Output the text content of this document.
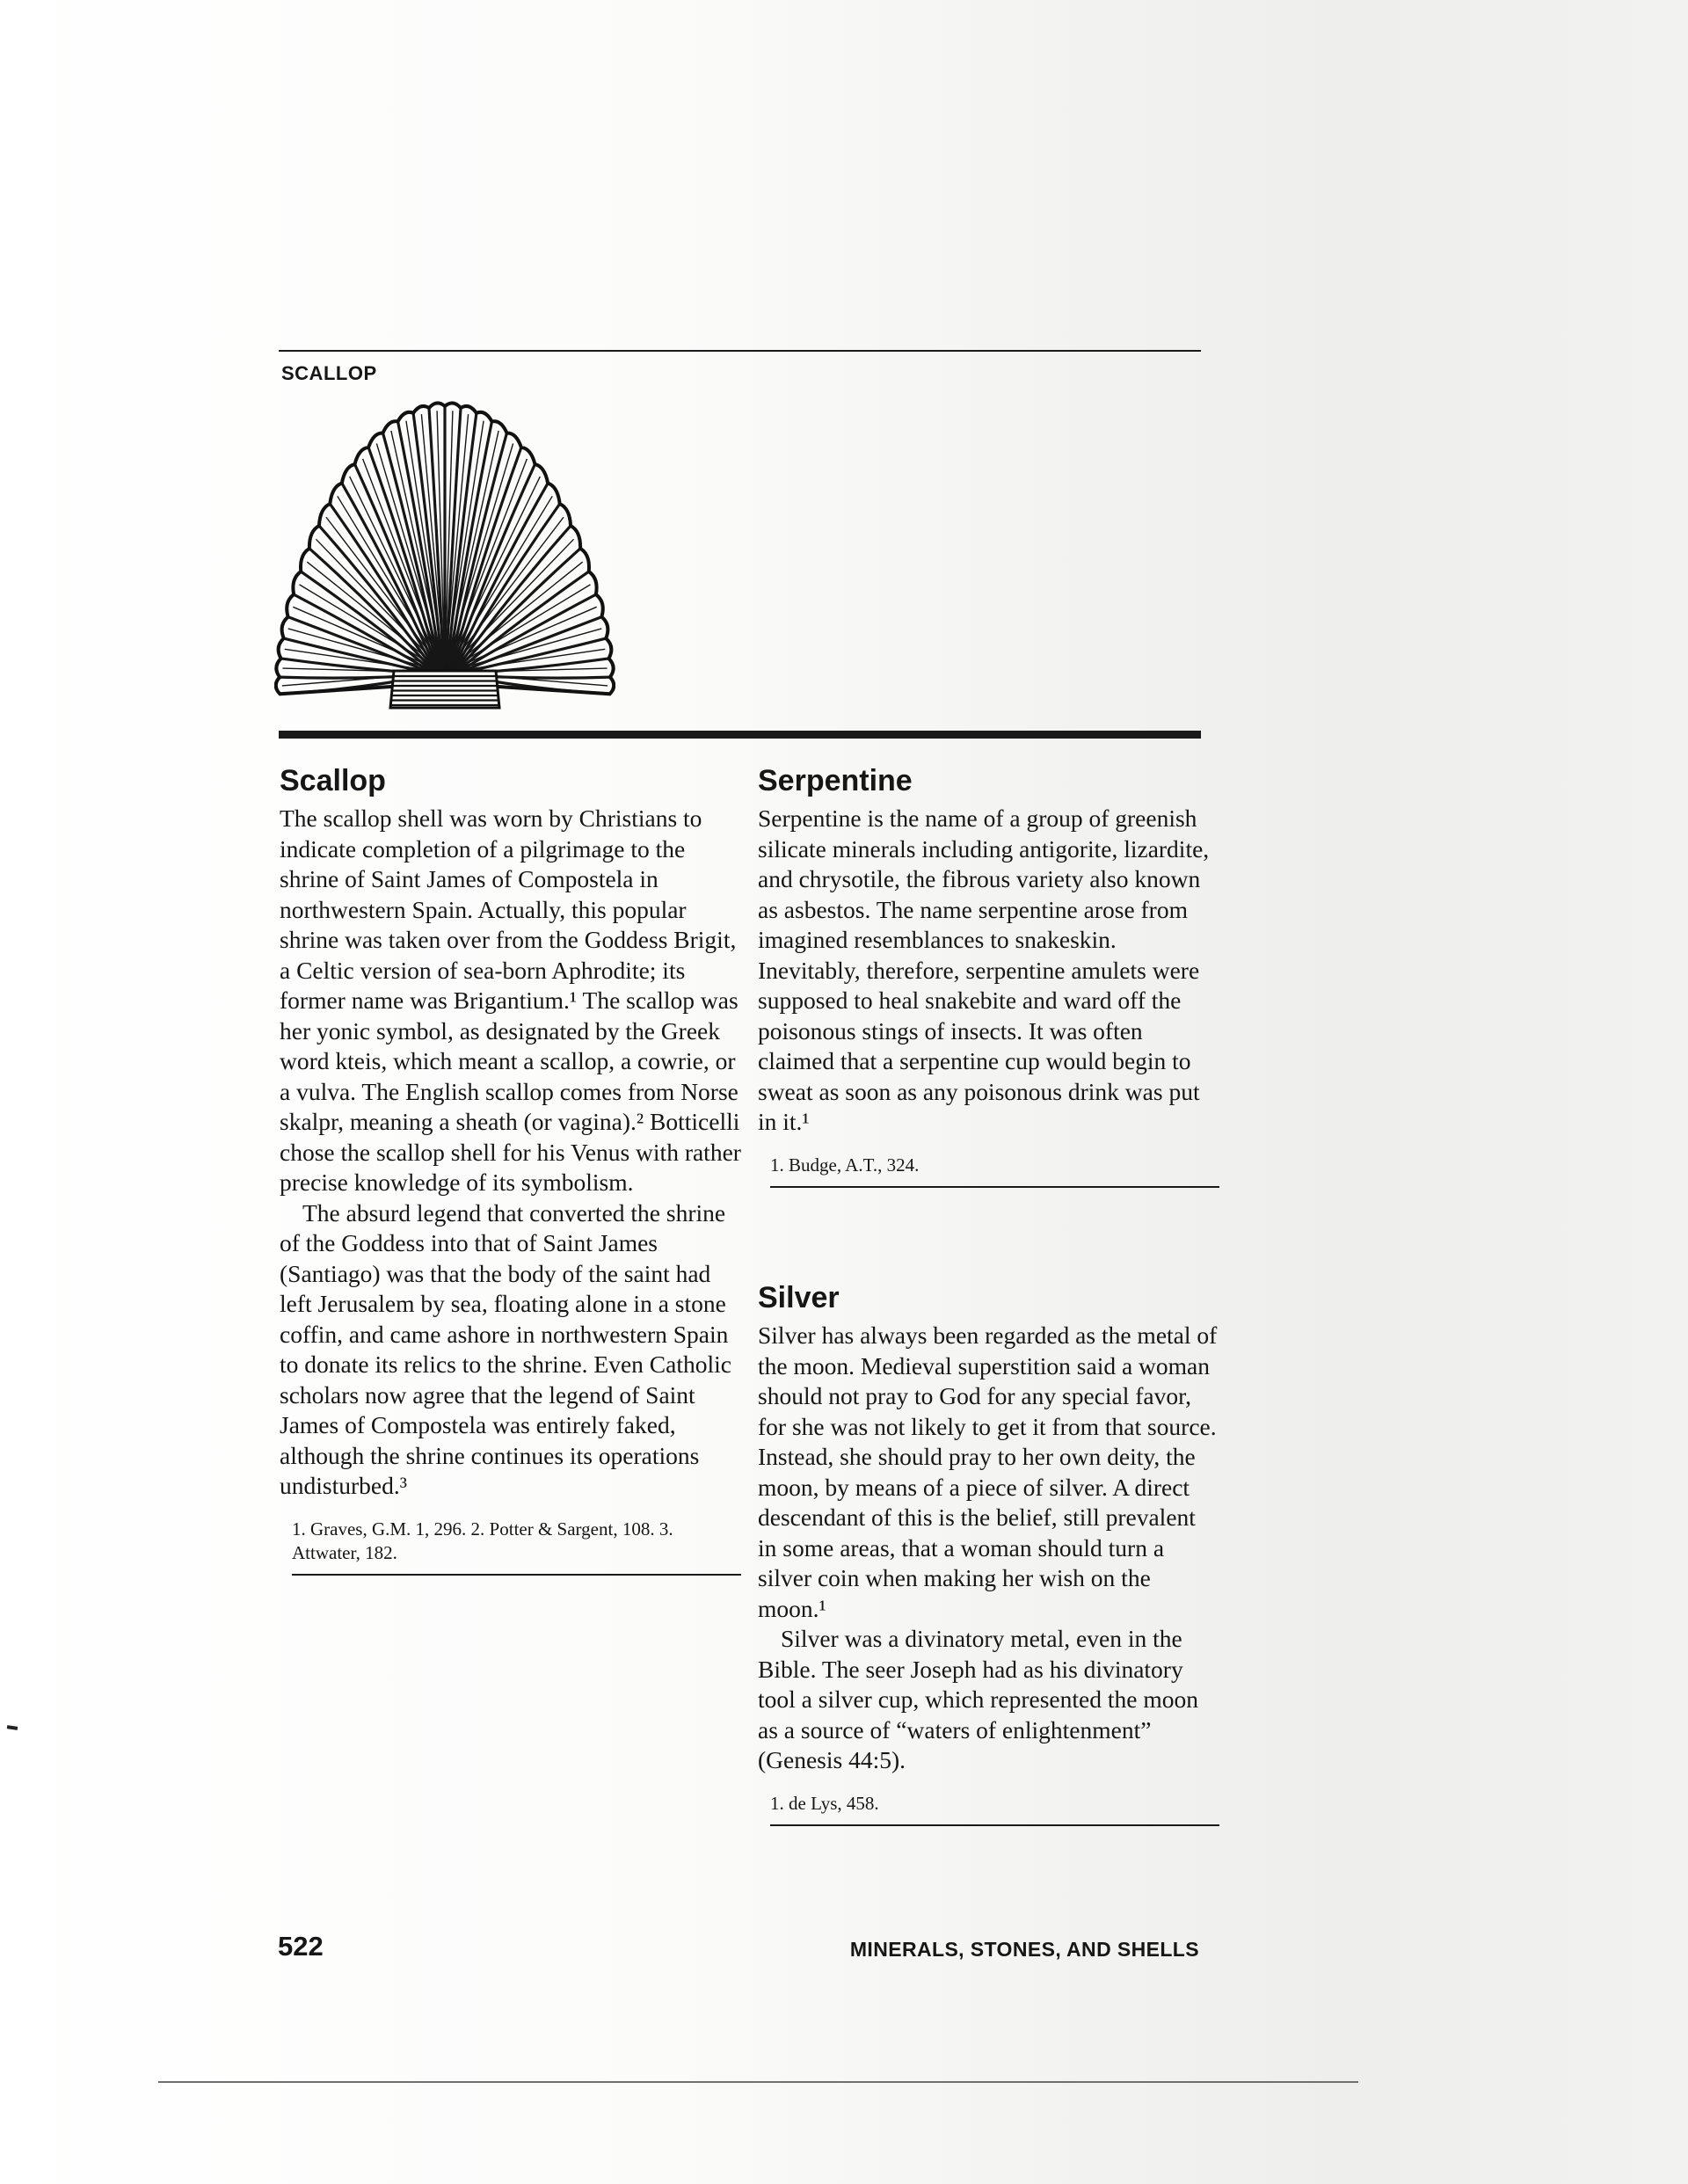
SCALLOP
Scallop

The scallop shell was worn by Christians to indicate completion of a pilgrimage to the shrine of Saint James of Compostela in northwestern Spain. Actually, this popular shrine was taken over from the Goddess Brigit, a Celtic version of sea-born Aphrodite; its former name was Brigantium.¹ The scallop was her yonic symbol, as designated by the Greek word kteis, which meant a scallop, a cowrie, or a vulva. The English scallop comes from Norse skalpr, meaning a sheath (or vagina).² Botticelli chose the scallop shell for his Venus with rather precise knowledge of its symbolism.

The absurd legend that converted the shrine of the Goddess into that of Saint James (Santiago) was that the body of the saint had left Jerusalem by sea, floating alone in a stone coffin, and came ashore in northwestern Spain to donate its relics to the shrine. Even Catholic scholars now agree that the legend of Saint James of Compostela was entirely faked, although the shrine continues its operations undisturbed.³

1. Graves, G.M. 1, 296. 2. Potter & Sargent, 108. 3. Attwater, 182.

Serpentine

Serpentine is the name of a group of greenish silicate minerals including antigorite, lizardite, and chrysotile, the fibrous variety also known as asbestos. The name serpentine arose from imagined resemblances to snakeskin. Inevitably, therefore, serpentine amulets were supposed to heal snakebite and ward off the poisonous stings of insects. It was often claimed that a serpentine cup would begin to sweat as soon as any poisonous drink was put in it.¹

1. Budge, A.T., 324.

Silver

Silver has always been regarded as the metal of the moon. Medieval superstition said a woman should not pray to God for any special favor, for she was not likely to get it from that source. Instead, she should pray to her own deity, the moon, by means of a piece of silver. A direct descendant of this is the belief, still prevalent in some areas, that a woman should turn a silver coin when making her wish on the moon.¹

Silver was a divinatory metal, even in the Bible. The seer Joseph had as his divinatory tool a silver cup, which represented the moon as a source of “waters of enlightenment” (Genesis 44:5).

1. de Lys, 458.

522	MINERALS, STONES, AND SHELLS
